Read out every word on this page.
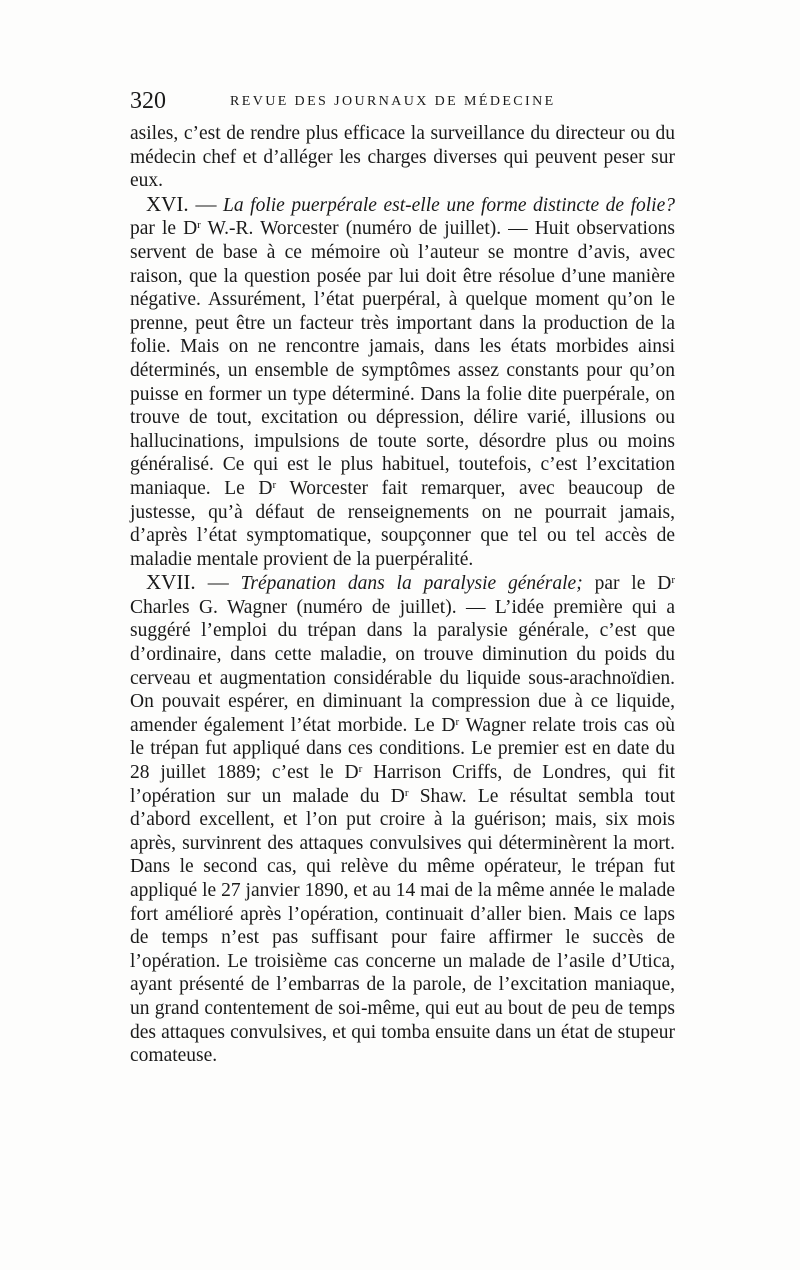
320	REVUE DES JOURNAUX DE MÉDECINE

asiles, c’est de rendre plus efficace la surveillance du directeur ou du médecin chef et d’alléger les charges diverses qui peuvent peser sur eux.

XVI. — La folie puerpérale est-elle une forme distincte de folie? par le $D^r$ W.-R. Worcester (numéro de juillet). — Huit observations servent de base à ce mémoire où l’auteur se montre d’avis, avec raison, que la question posée par lui doit être résolue d’une manière négative. Assurément, l’état puerpéral, à quelque moment qu’on le prenne, peut être un facteur très important dans la production de la folie. Mais on ne rencontre jamais, dans les états morbides ainsi déterminés, un ensemble de symptômes assez constants pour qu’on puisse en former un type déterminé. Dans la folie dite puerpérale, on trouve de tout, excitation ou dépression, délire varié, illusions ou hallucinations, impulsions de toute sorte, désordre plus ou moins généralisé. Ce qui est le plus habituel, toutefois, c’est l’excitation maniaque. Le $D^r$ Worcester fait remarquer, avec beaucoup de justesse, qu’à défaut de renseignements on ne pourrait jamais, d’après l’état symptomatique, soupçonner que tel ou tel accès de maladie mentale provient de la puerpéralité.

XVII. — Trépanation dans la paralysie générale; par le $D^r$ Charles G. Wagner (numéro de juillet). — L’idée première qui a suggéré l’emploi du trépan dans la paralysie générale, c’est que d’ordinaire, dans cette maladie, on trouve diminution du poids du cerveau et augmentation considérable du liquide sous-arachnoïdien. On pouvait espérer, en diminuant la compression due à ce liquide, amender également l’état morbide. Le $D^r$ Wagner relate trois cas où le trépan fut appliqué dans ces conditions. Le premier est en date du 28 juillet 1889; c’est le $D^r$ Harrison Criffs, de Londres, qui fit l’opération sur un malade du $D^r$ Shaw. Le résultat sembla tout d’abord excellent, et l’on put croire à la guérison; mais, six mois après, survinrent des attaques convulsives qui déterminèrent la mort. Dans le second cas, qui relève du même opérateur, le trépan fut appliqué le 27 janvier 1890, et au 14 mai de la même année le malade fort amélioré après l’opération, continuait d’aller bien. Mais ce laps de temps n’est pas suffisant pour faire affirmer le succès de l’opération. Le troisième cas concerne un malade de l’asile d’Utica, ayant présenté de l’embarras de la parole, de l’excitation maniaque, un grand contentement de soi-même, qui eut au bout de peu de temps des attaques convulsives, et qui tomba ensuite dans un état de stupeur comateuse.
